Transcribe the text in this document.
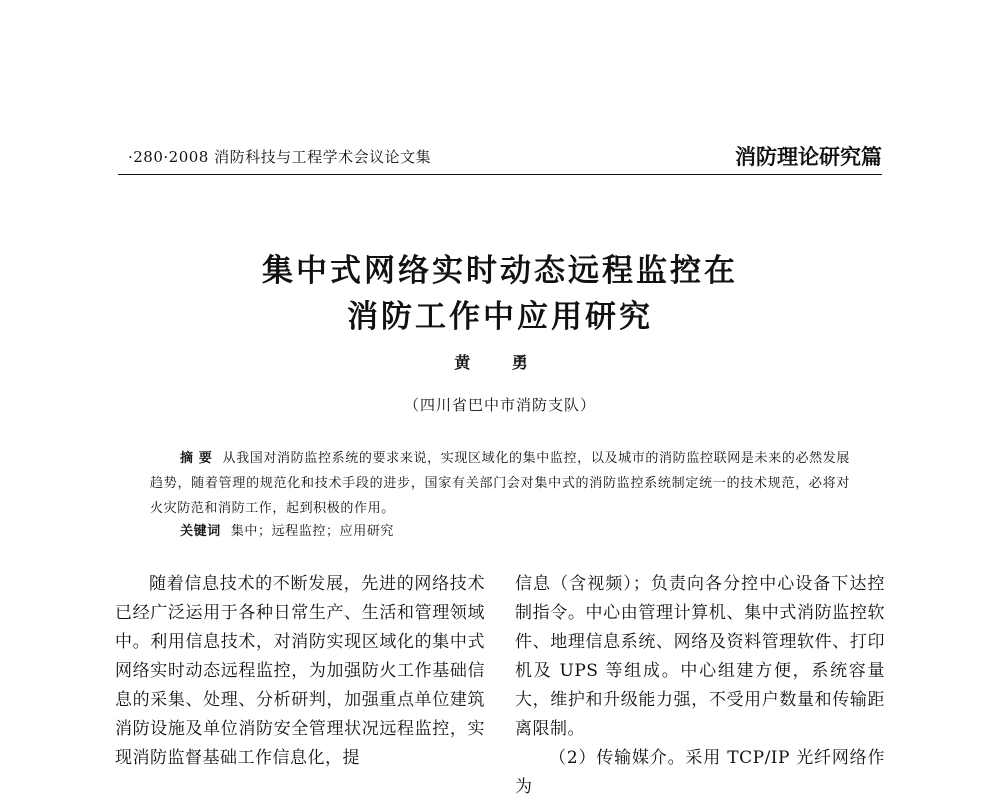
·280·2008 消防科技与工程学术会议论文集	消防理论研究篇
集中式网络实时动态远程监控在
消防工作中应用研究
黄 勇
（四川省巴中市消防支队）
摘 要 从我国对消防监控系统的要求来说，实现区域化的集中监控，以及城市的消防监控联网是未来的必然发展趋势，随着管理的规范化和技术手段的进步，国家有关部门会对集中式的消防监控系统制定统一的技术规范，必将对火灾防范和消防工作，起到积极的作用。
关键词 集中；远程监控；应用研究

随着信息技术的不断发展，先进的网络技术已经广泛运用于各种日常生产、生活和管理领域中。利用信息技术，对消防实现区域化的集中式网络实时动态远程监控，为加强防火工作基础信息的采集、处理、分析研判，加强重点单位建筑消防设施及单位消防安全管理状况远程监控，实现消防监督基础工作信息化，提

信息（含视频）；负责向各分控中心设备下达控制指令。中心由管理计算机、集中式消防监控软件、地理信息系统、网络及资料管理软件、打印机及 UPS 等组成。中心组建方便，系统容量大，维护和升级能力强，不受用户数量和传输距离限制。

（2）传输媒介。采用 TCP/IP 光纤网络作为
